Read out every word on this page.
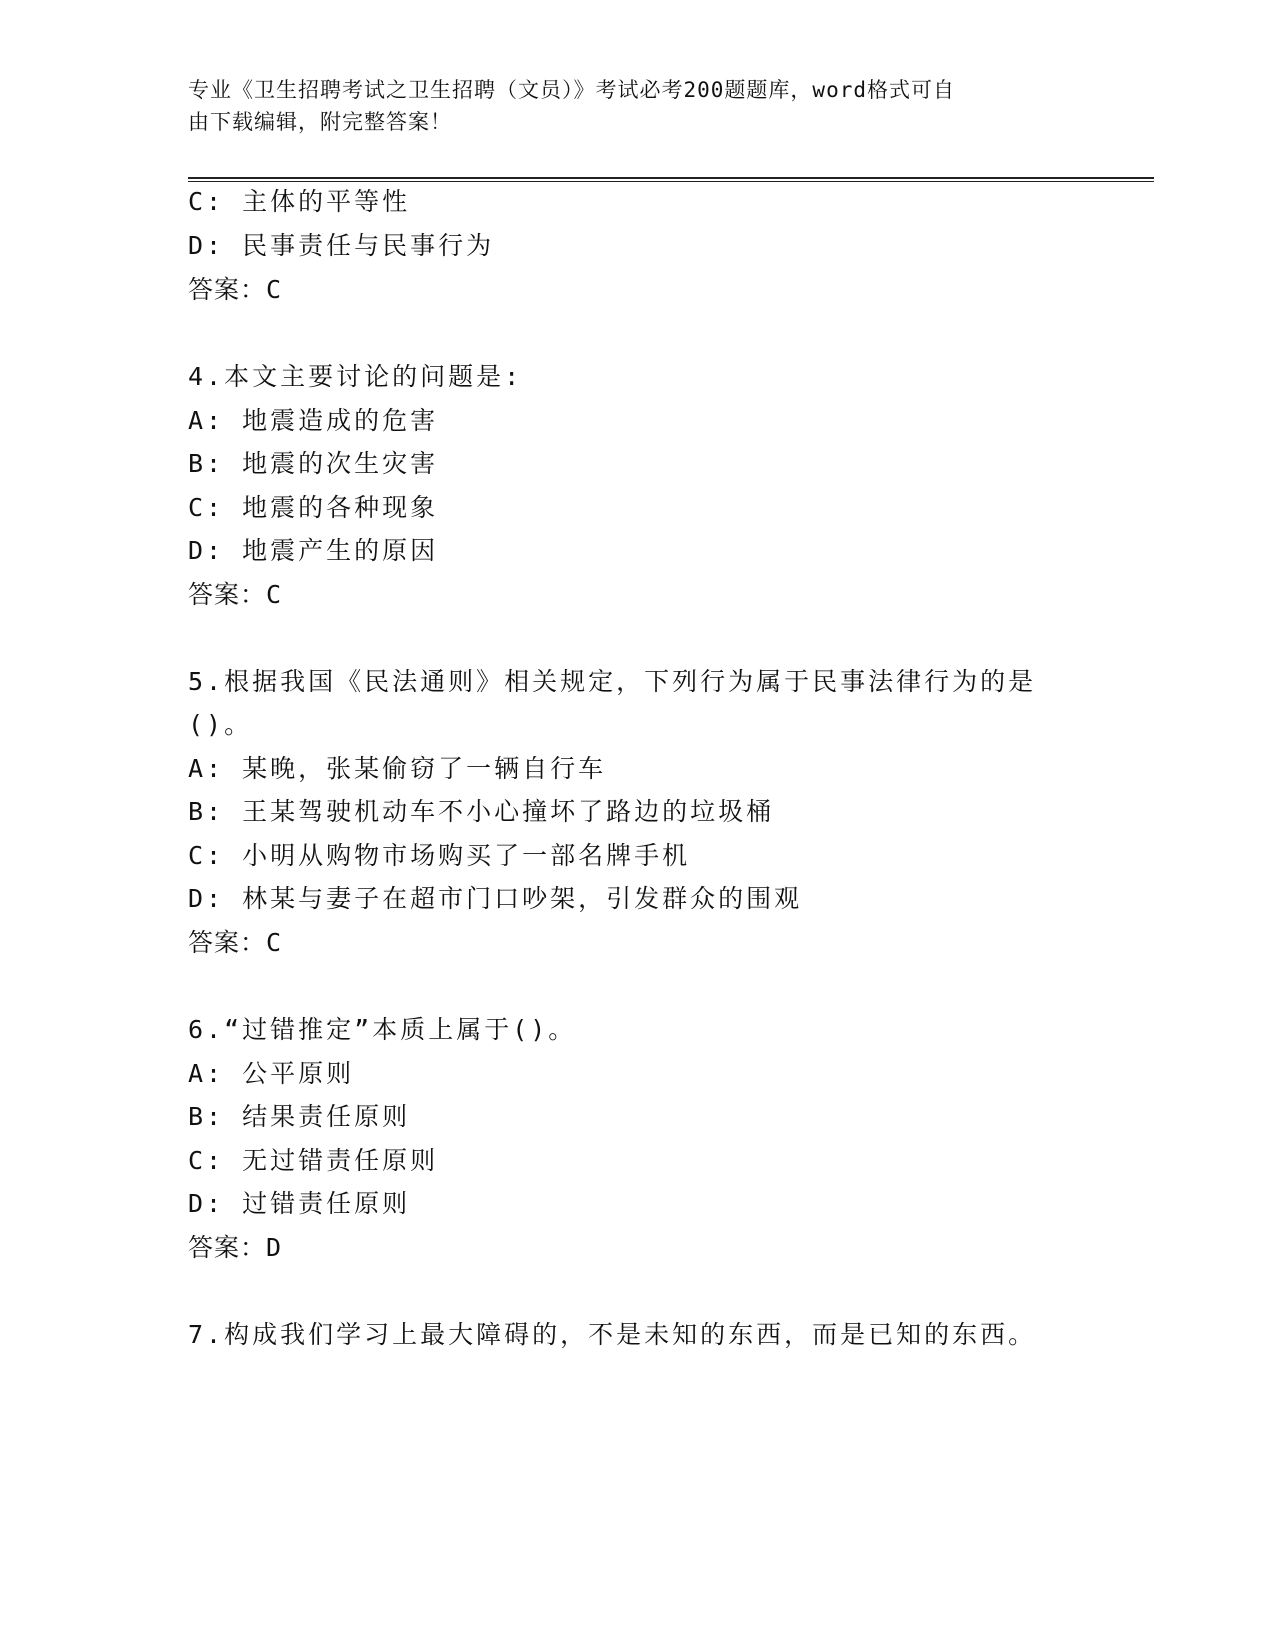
专业《卫生招聘考试之卫生招聘（文员）》考试必考200题题库，word格式可自
由下载编辑，附完整答案！
C: 主体的平等性
D: 民事责任与民事行为
答案：C
4.本文主要讨论的问题是:
A: 地震造成的危害
B: 地震的次生灾害
C: 地震的各种现象
D: 地震产生的原因
答案：C
5.根据我国《民法通则》相关规定，下列行为属于民事法律行为的是
()。
A: 某晚，张某偷窃了一辆自行车
B: 王某驾驶机动车不小心撞坏了路边的垃圾桶
C: 小明从购物市场购买了一部名牌手机
D: 林某与妻子在超市门口吵架，引发群众的围观
答案：C
6.“过错推定”本质上属于()。
A: 公平原则
B: 结果责任原则
C: 无过错责任原则
D: 过错责任原则
答案：D
7.构成我们学习上最大障碍的，不是未知的东西，而是已知的东西。
